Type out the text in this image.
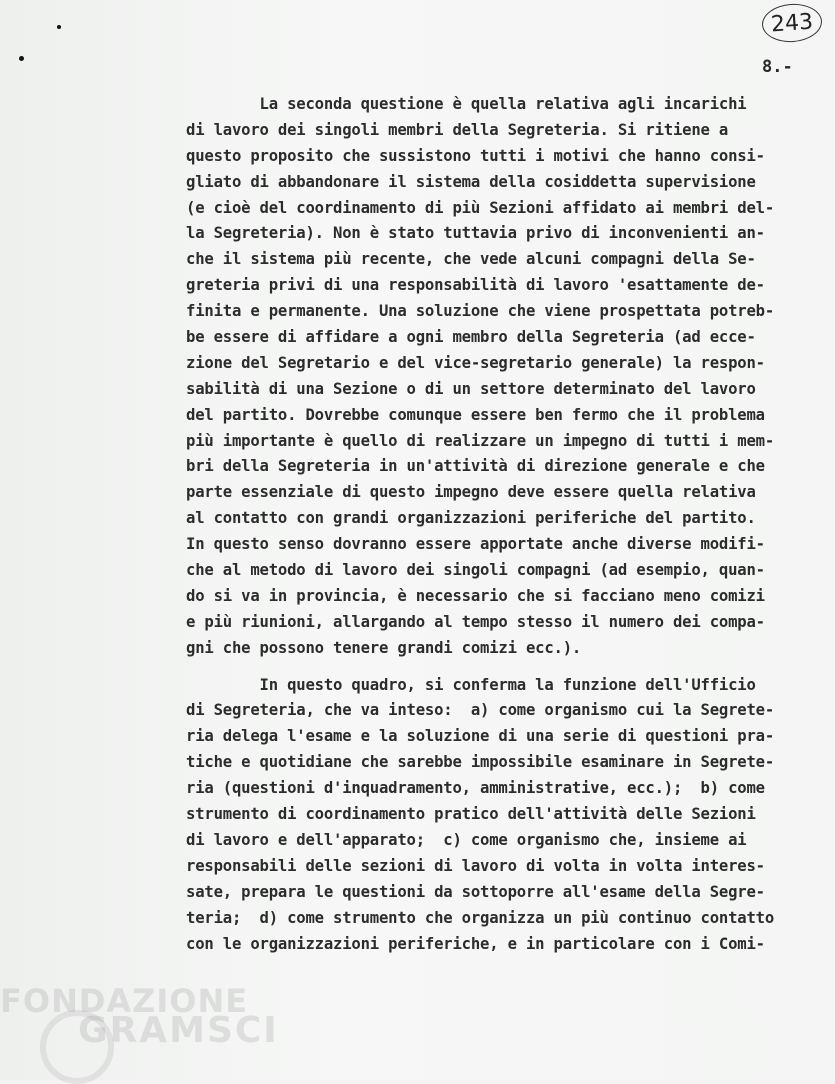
243
8.-
La seconda questione è quella relativa agli incarichi
di lavoro dei singoli membri della Segreteria. Si ritiene a
questo proposito che sussistono tutti i motivi che hanno consi-
gliato di abbandonare il sistema della cosiddetta supervisione
(e cioè del coordinamento di più Sezioni affidato ai membri del-
la Segreteria). Non è stato tuttavia privo di inconvenienti an-
che il sistema più recente, che vede alcuni compagni della Se-
greteria privi di una responsabilità di lavoro 'esattamente de-
finita e permanente. Una soluzione che viene prospettata potreb-
be essere di affidare a ogni membro della Segreteria (ad ecce-
zione del Segretario e del vice-segretario generale) la respon-
sabilità di una Sezione o di un settore determinato del lavoro
del partito. Dovrebbe comunque essere ben fermo che il problema
più importante è quello di realizzare un impegno di tutti i mem-
bri della Segreteria in un'attività di direzione generale e che
parte essenziale di questo impegno deve essere quella relativa
al contatto con grandi organizzazioni periferiche del partito.
In questo senso dovranno essere apportate anche diverse modifi-
che al metodo di lavoro dei singoli compagni (ad esempio, quan-
do si va in provincia, è necessario che si facciano meno comizi
e più riunioni, allargando al tempo stesso il numero dei compa-
gni che possono tenere grandi comizi ecc.).
In questo quadro, si conferma la funzione dell'Ufficio
di Segreteria, che va inteso:  a) come organismo cui la Segrete-
ria delega l'esame e la soluzione di una serie di questioni pra-
tiche e quotidiane che sarebbe impossibile esaminare in Segrete-
ria (questioni d'inquadramento, amministrative, ecc.);  b) come
strumento di coordinamento pratico dell'attività delle Sezioni
di lavoro e dell'apparato;  c) come organismo che, insieme ai
responsabili delle sezioni di lavoro di volta in volta interes-
sate, prepara le questioni da sottoporre all'esame della Segre-
teria;  d) come strumento che organizza un più continuo contatto
con le organizzazioni periferiche, e in particolare con i Comi-
FONDAZIONE
GRAMSCI
